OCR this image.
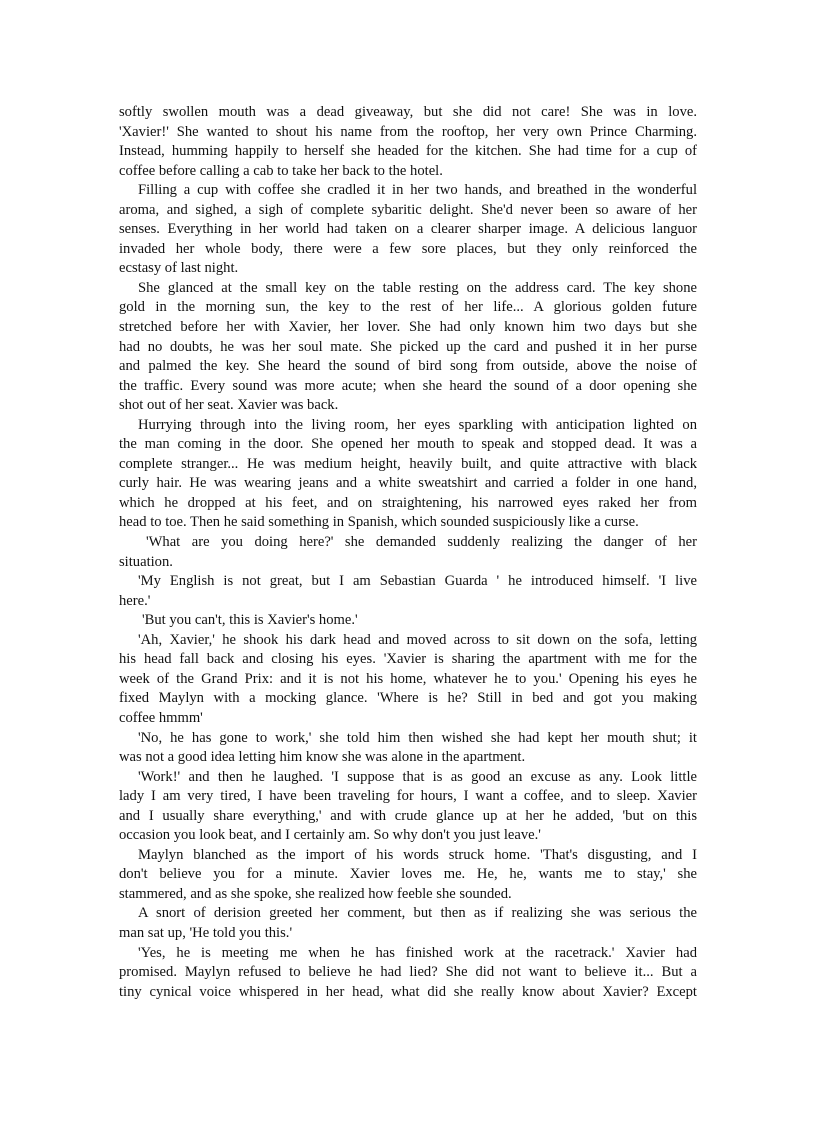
softly swollen mouth was a dead giveaway, but she did not care! She was in love.
'Xavier!' She wanted to shout his name from the rooftop, her very own Prince Charming.
Instead, humming happily to herself she headed for the kitchen. She had time for a cup of
coffee before calling a cab to take her back to the hotel.
Filling a cup with coffee she cradled it in her two hands, and breathed in the wonderful
aroma, and sighed, a sigh of complete sybaritic delight. She'd never been so aware of her
senses. Everything in her world had taken on a clearer sharper image. A delicious languor
invaded her whole body, there were a few sore places, but they only reinforced the
ecstasy of last night.
She glanced at the small key on the table resting on the address card. The key shone
gold in the morning sun, the key to the rest of her life... A glorious golden future
stretched before her with Xavier, her lover. She had only known him two days but she
had no doubts, he was her soul mate. She picked up the card and pushed it in her purse
and palmed the key. She heard the sound of bird song from outside, above the noise of
the traffic. Every sound was more acute; when she heard the sound of a door opening she
shot out of her seat. Xavier was back.
Hurrying through into the living room, her eyes sparkling with anticipation lighted on
the man coming in the door. She opened her mouth to speak and stopped dead. It was a
complete stranger... He was medium height, heavily built, and quite attractive with black
curly hair. He was wearing jeans and a white sweatshirt and carried a folder in one hand,
which he dropped at his feet, and on straightening, his narrowed eyes raked her from
head to toe. Then he said something in Spanish, which sounded suspiciously like a curse.
'What are you doing here?' she demanded suddenly realizing the danger of her
situation.
'My English is not great, but I am Sebastian Guarda ' he introduced himself. 'I live
here.'
'But you can't, this is Xavier's home.'
'Ah, Xavier,' he shook his dark head and moved across to sit down on the sofa, letting
his head fall back and closing his eyes. 'Xavier is sharing the apartment with me for the
week of the Grand Prix: and it is not his home, whatever he to you.' Opening his eyes he
fixed Maylyn with a mocking glance. 'Where is he? Still in bed and got you making
coffee hmmm'
'No, he has gone to work,' she told him then wished she had kept her mouth shut; it
was not a good idea letting him know she was alone in the apartment.
'Work!' and then he laughed. 'I suppose that is as good an excuse as any. Look little
lady I am very tired, I have been traveling for hours, I want a coffee, and to sleep. Xavier
and I usually share everything,' and with crude glance up at her he added, 'but on this
occasion you look beat, and I certainly am. So why don't you just leave.'
Maylyn blanched as the import of his words struck home. 'That's disgusting, and I
don't believe you for a minute. Xavier loves me. He, he, wants me to stay,' she
stammered, and as she spoke, she realized how feeble she sounded.
A snort of derision greeted her comment, but then as if realizing she was serious the
man sat up, 'He told you this.'
'Yes, he is meeting me when he has finished work at the racetrack.' Xavier had
promised. Maylyn refused to believe he had lied? She did not want to believe it... But a
tiny cynical voice whispered in her head, what did she really know about Xavier? Except
